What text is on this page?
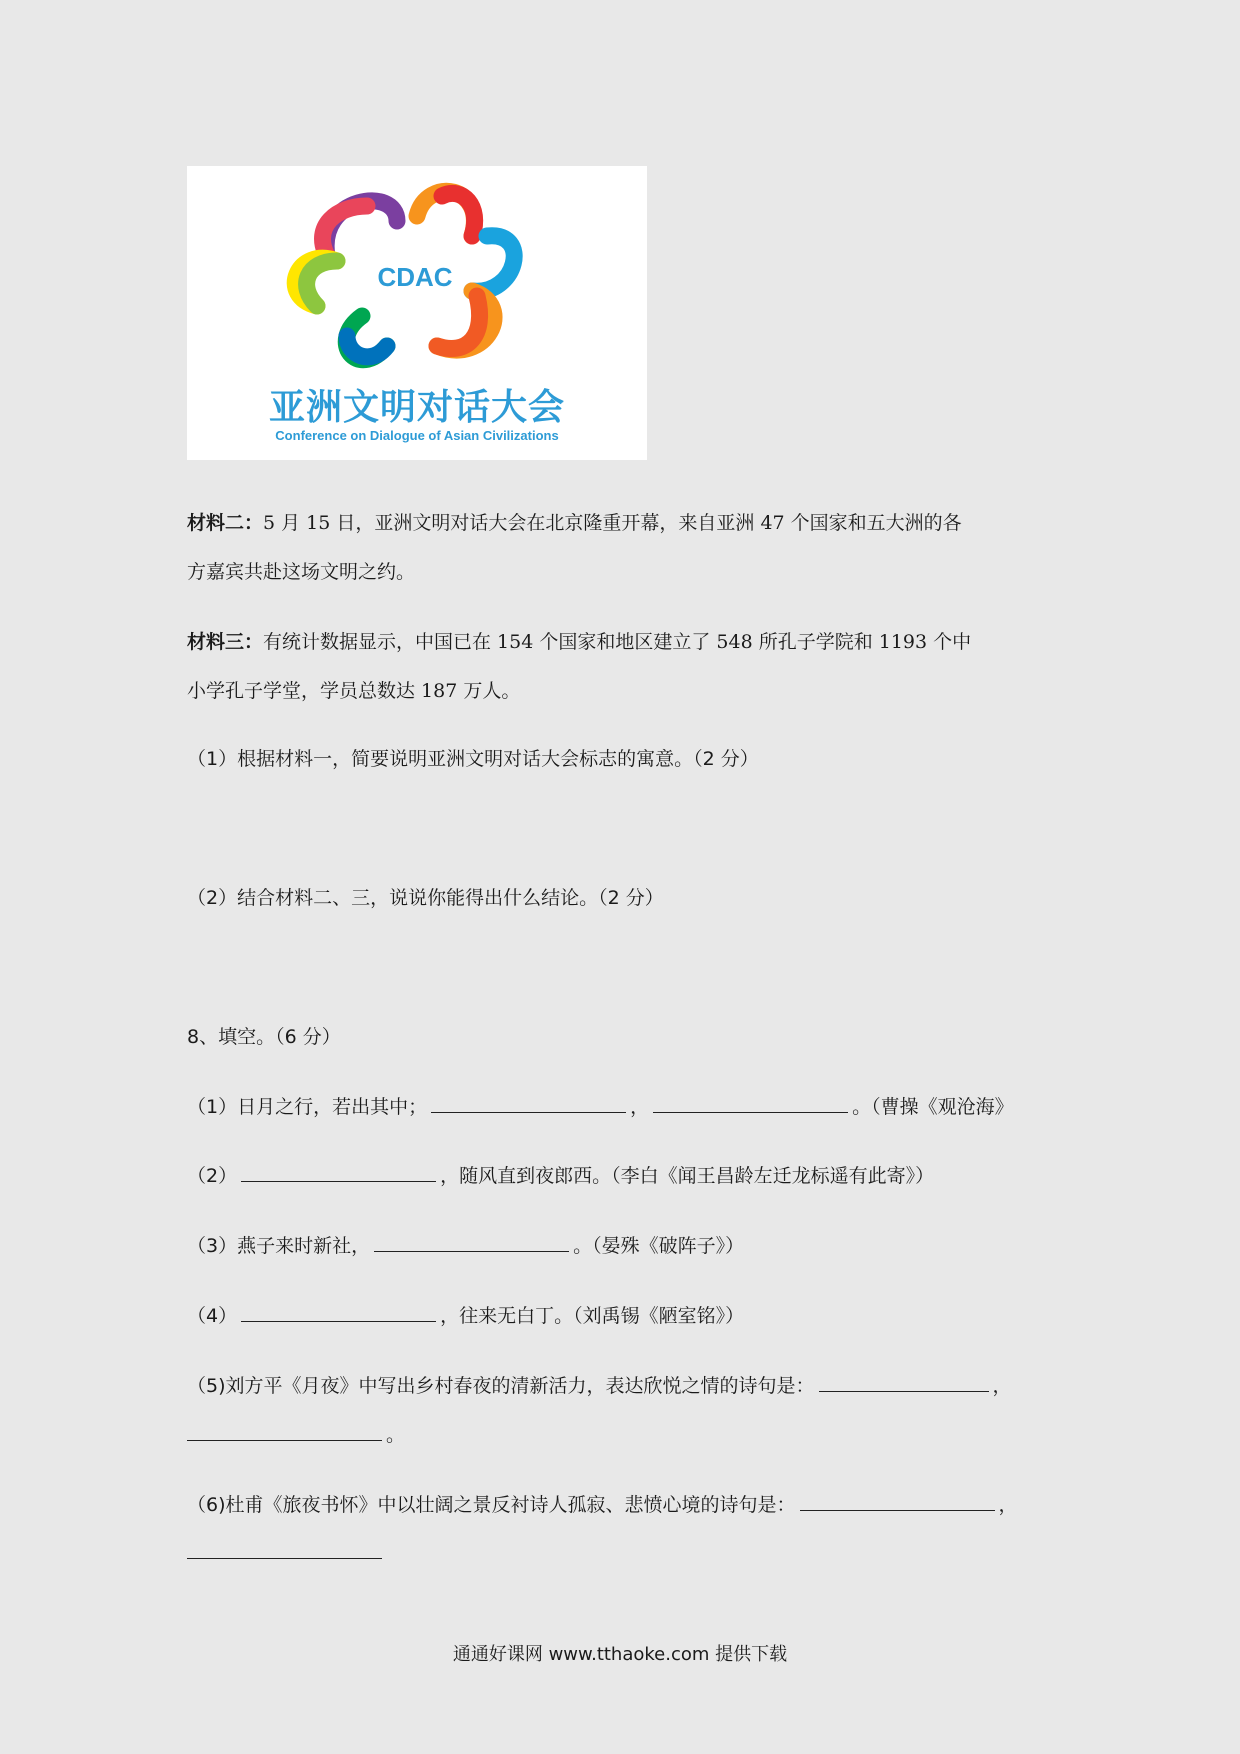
CDAC
亚洲文明对话大会
Conference on Dialogue of Asian Civilizations
材料二：5 月 15 日，亚洲文明对话大会在北京隆重开幕，来自亚洲 47 个国家和五大洲的各
方嘉宾共赴这场文明之约。
材料三：有统计数据显示，中国已在 154 个国家和地区建立了 548 所孔子学院和 1193 个中
小学孔子学堂，学员总数达 187 万人。
（1）根据材料一，简要说明亚洲文明对话大会标志的寓意。（2 分）
（2）结合材料二、三，说说你能得出什么结论。（2 分）
8、填空。（6 分）
（1）日月之行，若出其中；	，	。（曹操《观沧海》
（2）	，随风直到夜郎西。（李白《闻王昌龄左迁龙标遥有此寄》）
（3）燕子来时新社，	。（晏殊《破阵子》）
（4）	，往来无白丁。（刘禹锡《陋室铭》）
（5)刘方平《月夜》中写出乡村春夜的清新活力，表达欣悦之情的诗句是：	，
。
（6)杜甫《旅夜书怀》中以壮阔之景反衬诗人孤寂、悲愤心境的诗句是：	，
通通好课网 www.tthaoke.com 提供下载
